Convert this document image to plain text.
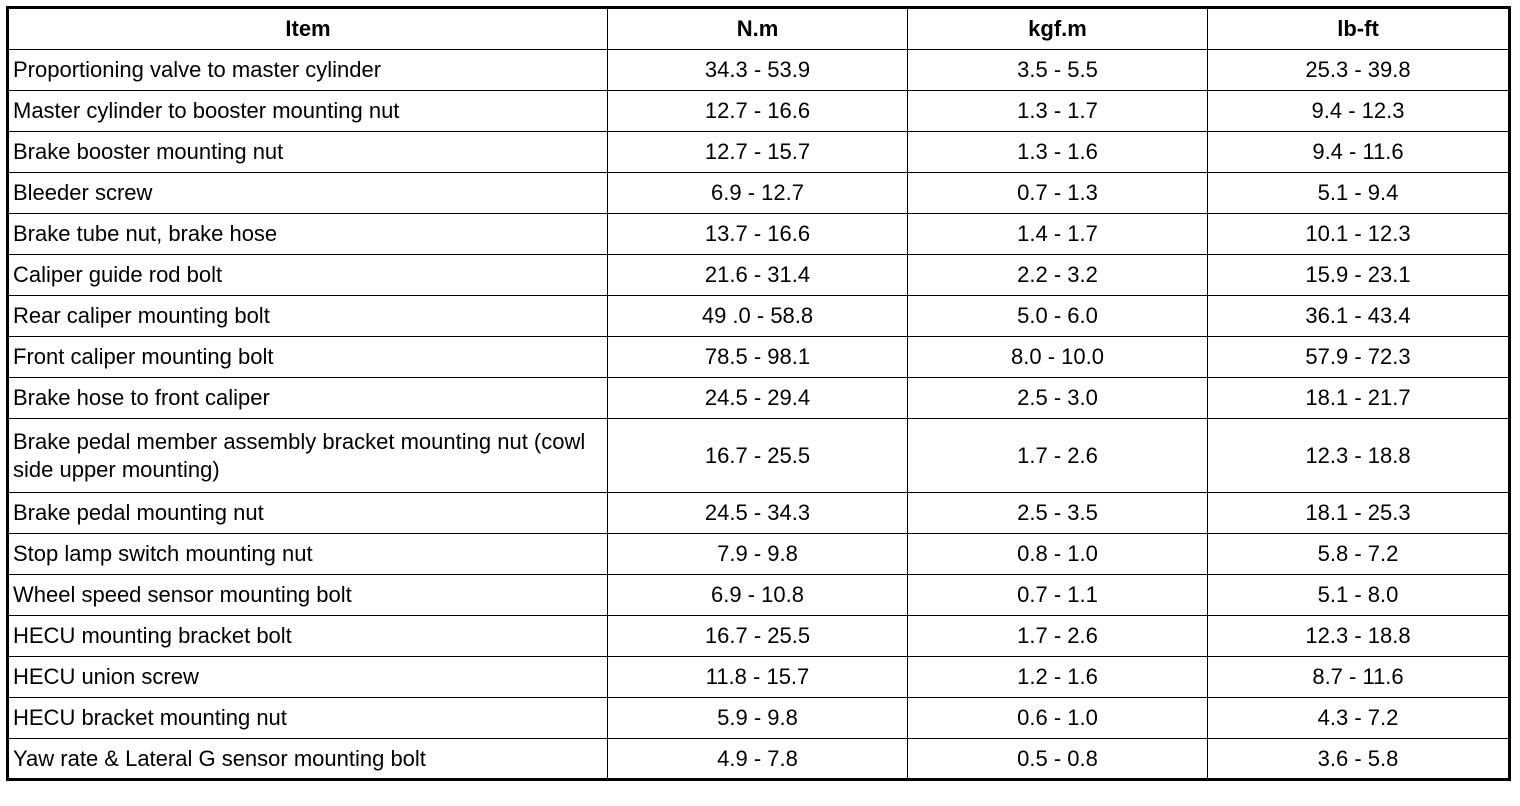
Item	N.m	kgf.m	lb-ft
Proportioning valve to master cylinder	34.3 - 53.9	3.5 - 5.5	25.3 - 39.8
Master cylinder to booster mounting nut	12.7 - 16.6	1.3 - 1.7	9.4 - 12.3
Brake booster mounting nut	12.7 - 15.7	1.3 - 1.6	9.4 - 11.6
Bleeder screw	6.9 - 12.7	0.7 - 1.3	5.1 - 9.4
Brake tube nut, brake hose	13.7 - 16.6	1.4 - 1.7	10.1 - 12.3
Caliper guide rod bolt	21.6 - 31.4	2.2 - 3.2	15.9 - 23.1
Rear caliper mounting bolt	49 .0 - 58.8	5.0 - 6.0	36.1 - 43.4
Front caliper mounting bolt	78.5 - 98.1	8.0 - 10.0	57.9 - 72.3
Brake hose to front caliper	24.5 - 29.4	2.5 - 3.0	18.1 - 21.7
Brake pedal member assembly bracket mounting nut (cowl side upper mounting)	16.7 - 25.5	1.7 - 2.6	12.3 - 18.8
Brake pedal mounting nut	24.5 - 34.3	2.5 - 3.5	18.1 - 25.3
Stop lamp switch mounting nut	7.9 - 9.8	0.8 - 1.0	5.8 - 7.2
Wheel speed sensor mounting bolt	6.9 - 10.8	0.7 - 1.1	5.1 - 8.0
HECU mounting bracket bolt	16.7 - 25.5	1.7 - 2.6	12.3 - 18.8
HECU union screw	11.8 - 15.7	1.2 - 1.6	8.7 - 11.6
HECU bracket mounting nut	5.9 - 9.8	0.6 - 1.0	4.3 - 7.2
Yaw rate & Lateral G sensor mounting bolt	4.9 - 7.8	0.5 - 0.8	3.6 - 5.8
